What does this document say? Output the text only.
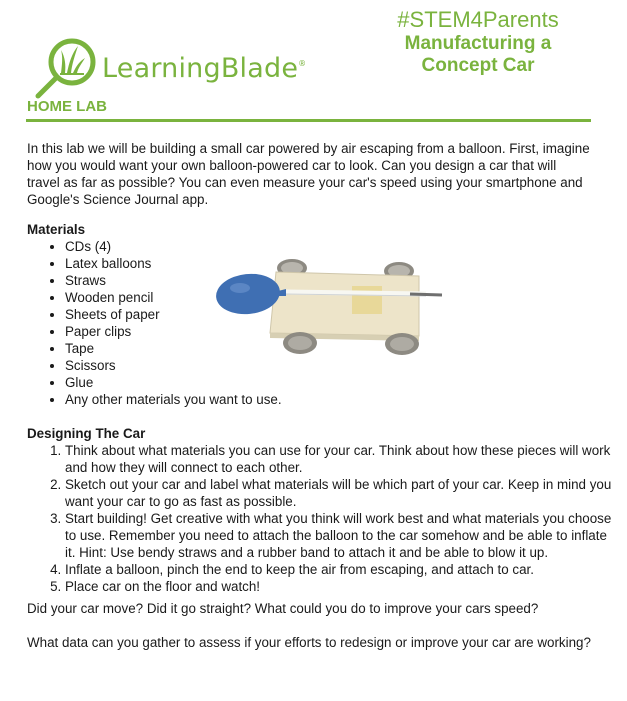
LearningBlade®
#STEM4Parents
Manufacturing a
Concept Car
HOME LAB

In this lab we will be building a small car powered by air escaping from a balloon. First, imagine how you would want your own balloon-powered car to look. Can you design a car that will travel as far as possible? You can even measure your car's speed using your smartphone and Google's Science Journal app.

Materials

• CDs (4)
• Latex balloons
• Straws
• Wooden pencil
• Sheets of paper
• Paper clips
• Tape
• Scissors
• Glue
• Any other materials you want to use.

Designing The Car

1. Think about what materials you can use for your car. Think about how these pieces will work and how they will connect to each other.
2. Sketch out your car and label what materials will be which part of your car. Keep in mind you want your car to go as fast as possible.
3. Start building! Get creative with what you think will work best and what materials you choose to use. Remember you need to attach the balloon to the car somehow and be able to inflate it. Hint: Use bendy straws and a rubber band to attach it and be able to blow it up.
4. Inflate a balloon, pinch the end to keep the air from escaping, and attach to car.
5. Place car on the floor and watch!

Did your car move? Did it go straight? What could you do to improve your cars speed?

What data can you gather to assess if your efforts to redesign or improve your car are working?
